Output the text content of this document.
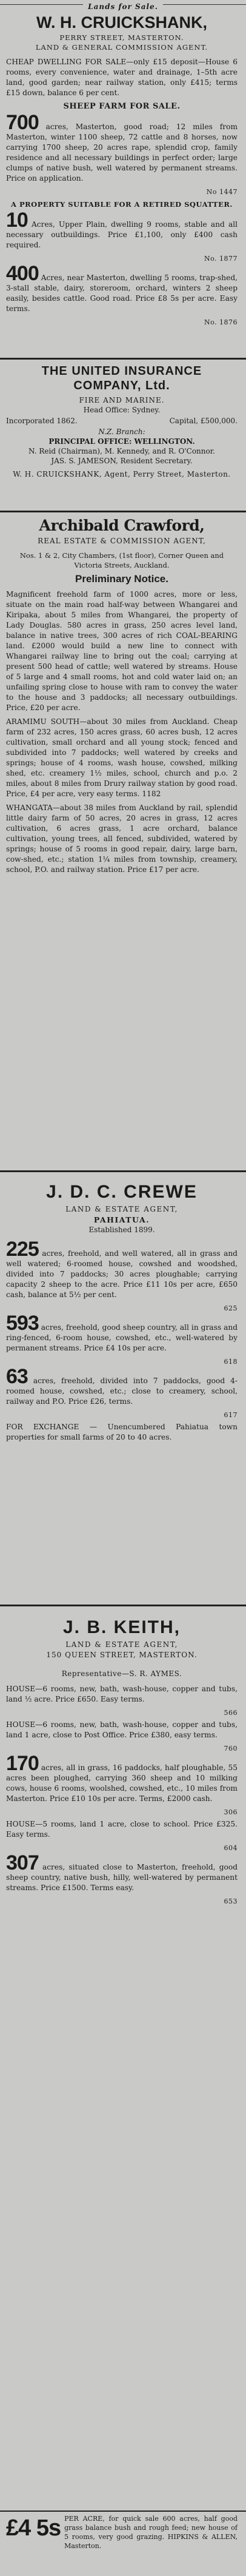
Lands for Sale.
W. H. CRUICKSHANK,
PERRY STREET, MASTERTON.
LAND & GENERAL COMMISSION AGENT.

CHEAP DWELLING FOR SALE—only £15 deposit—House 6 rooms, every convenience, water and drainage, 1–5th acre land, good garden; near railway station, only £415; terms £15 down, balance 6 per cent.

SHEEP FARM FOR SALE.

700 acres, Masterton, good road; 12 miles from Masterton, winter 1100 sheep, 72 cattle and 8 horses, now carrying 1700 sheep, 20 acres rape, splendid crop, family residence and all necessary buildings in perfect order; large clumps of native bush, well watered by permanent streams. Price on application.

No 1447
A PROPERTY SUITABLE FOR A RETIRED SQUATTER.

10 Acres, Upper Plain, dwelling 9 rooms, stable and all necessary outbuildings. Price £1,100, only £400 cash required.

No. 1877

400 Acres, near Masterton, dwelling 5 rooms, trap-shed, 3-stall stable, dairy, storeroom, orchard, winters 2 sheep easily, besides cattle. Good road. Price £8 5s per acre. Easy terms.

No. 1876
THE UNITED INSURANCE COMPANY, Ltd.
FIRE AND MARINE.
Head Office: Sydney.
Incorporated 1862.	Capital, £500,000.
N.Z. Branch:
PRINCIPAL OFFICE: WELLINGTON.
N. Reid (Chairman), M. Kennedy, and R. O'Connor.
JAS. S. JAMESON, Resident Secretary.
W. H. CRUICKSHANK, Agent, Perry Street, Masterton.
Archibald Crawford,
REAL ESTATE & COMMISSION AGENT,
Nos. 1 & 2, City Chambers, (1st floor), Corner Queen and Victoria Streets, Auckland.
Preliminary Notice.

Magnificent freehold farm of 1000 acres, more or less, situate on the main road half-way between Whangarei and Kiripaka, about 5 miles from Whangarei, the property of Lady Douglas. 580 acres in grass, 250 acres level land, balance in native trees, 300 acres of rich COAL-BEARING land. £2000 would build a new line to connect with Whangarei railway line to bring out the coal; carrying at present 500 head of cattle; well watered by streams. House of 5 large and 4 small rooms, hot and cold water laid on; an unfailing spring close to house with ram to convey the water to the house and 3 paddocks; all necessary outbuildings. Price, £20 per acre.

ARAMIMU SOUTH—about 30 miles from Auckland. Cheap farm of 232 acres, 150 acres grass, 60 acres bush, 12 acres cultivation, small orchard and all young stock; fenced and subdivided into 7 paddocks; well watered by creeks and springs; house of 4 rooms, wash house, cowshed, milking shed, etc. creamery 1½ miles, school, church and p.o. 2 miles, about 8 miles from Drury railway station by good road. Price, £4 per acre, very easy terms. 1182

WHANGATA—about 38 miles from Auckland by rail, splendid little dairy farm of 50 acres, 20 acres in grass, 12 acres cultivation, 6 acres grass, 1 acre orchard, balance cultivation, young trees, all fenced, subdivided, watered by springs; house of 5 rooms in good repair, dairy, large barn, cow-shed, etc.; station 1¼ miles from township, creamery, school, P.O. and railway station. Price £17 per acre.

J. D. C. CREWE
LAND & ESTATE AGENT,
PAHIATUA.
Established 1899.

225 acres, freehold, and well watered, all in grass and well watered; 6-roomed house, cowshed and woodshed, divided into 7 paddocks; 30 acres ploughable; carrying capacity 2 sheep to the acre. Price £11 10s per acre, £650 cash, balance at 5½ per cent.

625

593 acres, freehold, good sheep country, all in grass and ring-fenced, 6-room house, cowshed, etc., well-watered by permanent streams. Price £4 10s per acre.

618

63 acres, freehold, divided into 7 paddocks, good 4-roomed house, cowshed, etc.; close to creamery, school, railway and P.O. Price £26, terms.

617

FOR EXCHANGE — Unencumbered Pahiatua town properties for small farms of 20 to 40 acres.

J. B. KEITH,
LAND & ESTATE AGENT,
150 QUEEN STREET, MASTERTON.
Representative—S. R. AYMES.

HOUSE—6 rooms, new, bath, wash-house, copper and tubs, land ½ acre. Price £650. Easy terms.

566

HOUSE—6 rooms, new, bath, wash-house, copper and tubs, land 1 acre, close to Post Office. Price £380, easy terms.

760

170 acres, all in grass, 16 paddocks, half ploughable, 55 acres been ploughed, carrying 360 sheep and 10 milking cows, house 6 rooms, woolshed, cowshed, etc., 10 miles from Masterton. Price £10 10s per acre. Terms, £2000 cash.

306

HOUSE—5 rooms, land 1 acre, close to school. Price £325. Easy terms.

604

307 acres, situated close to Masterton, freehold, good sheep country, native bush, hilly, well-watered by permanent streams. Price £1500. Terms easy.

653
£4 5s PER ACRE, for quick sale 600 acres, half good grass balance bush and rough feed; new house of 5 rooms, very good grazing. HIPKINS & ALLEN, Masterton.
